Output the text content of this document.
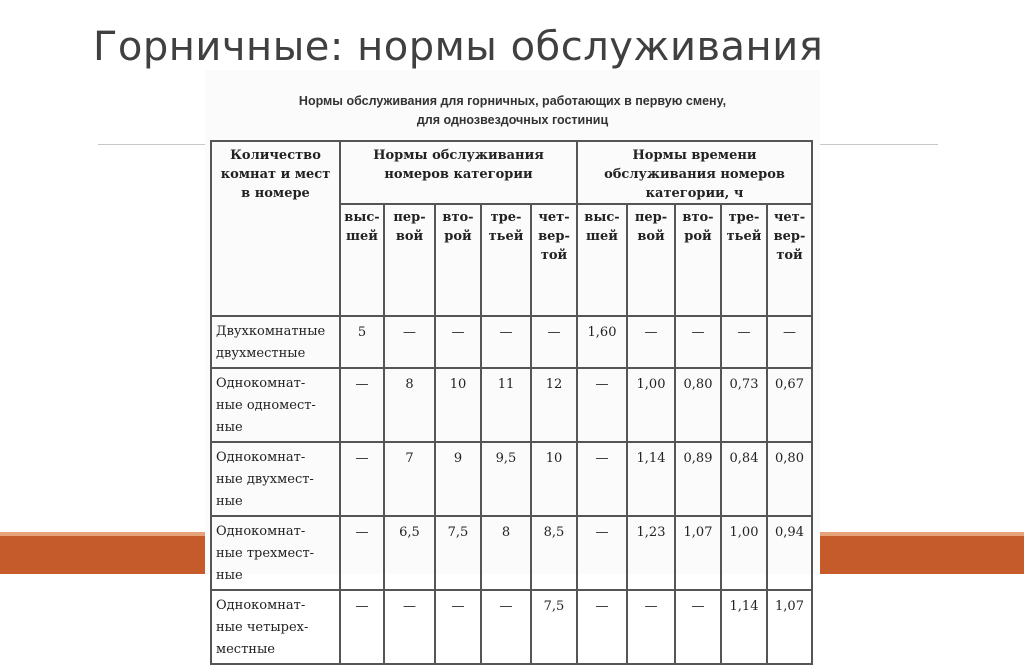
Горничные: нормы обслуживания
Нормы обслуживания для горничных, работающих в первую смену,
для однозвездочных гостиниц
Количество комнат и мест в номере	Нормы обслуживания номеров категории					Нормы времени обслуживания номеров категории, ч				
	выс- шей	пер- вой	вто- рой	тре- тьей	чет- вер- той	выс- шей	пер- вой	вто- рой	тре- тьей	чет- вер- той
Двухкомнатные двухместные	5	—	—	—	—	1,60	—	—	—	—
Однокомнат- ные одномест- ные	—	8	10	11	12	—	1,00	0,80	0,73	0,67
Однокомнат- ные двухмест- ные	—	7	9	9,5	10	—	1,14	0,89	0,84	0,80
Однокомнат- ные трехмест- ные	—	6,5	7,5	8	8,5	—	1,23	1,07	1,00	0,94
Однокомнат- ные четырех- местные	—	—	—	—	7,5	—	—	—	1,14	1,07
